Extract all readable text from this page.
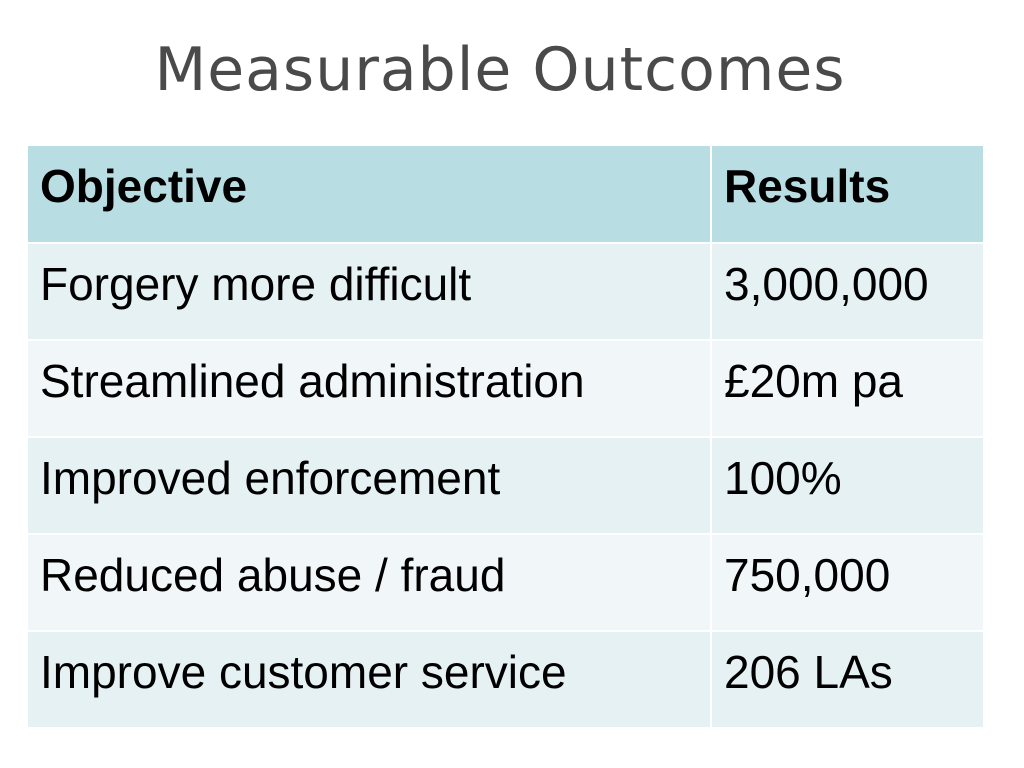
Measurable Outcomes
Objective	Results
Forgery more difficult	3,000,000
Streamlined administration	£20m pa
Improved enforcement	100%
Reduced abuse / fraud	750,000
Improve customer service	206 LAs
